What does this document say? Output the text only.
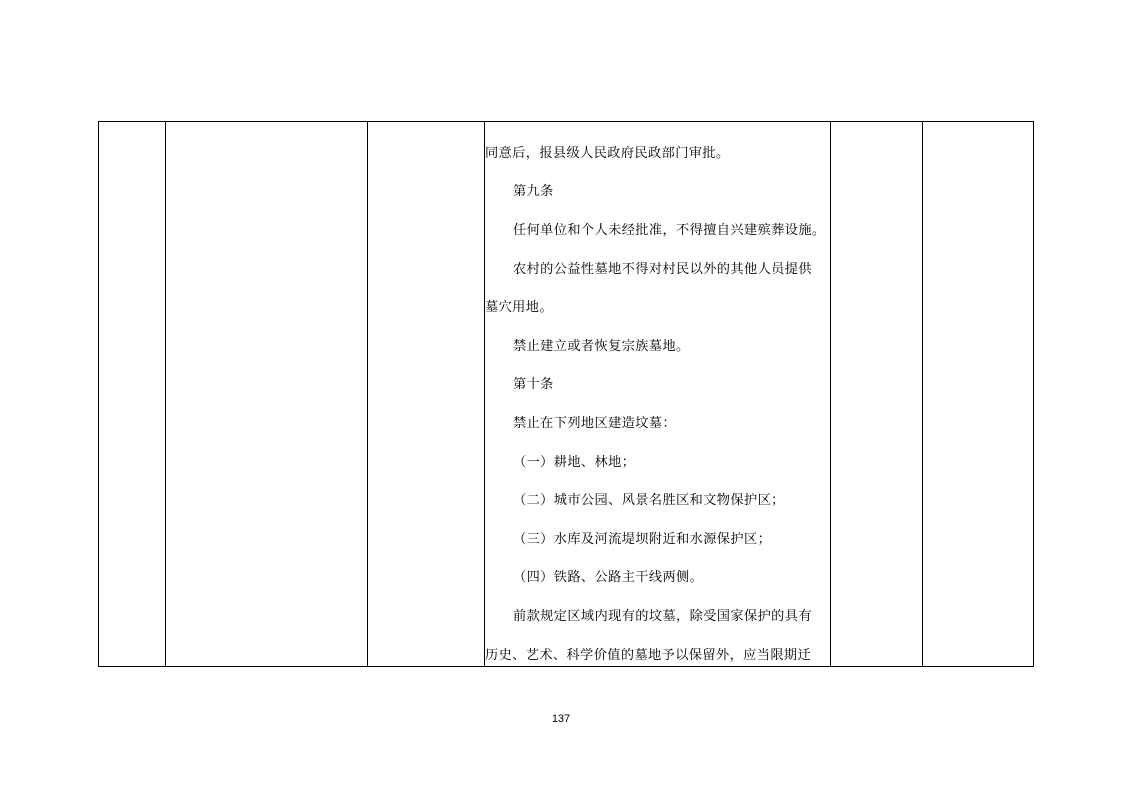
同意后，报县级人民政府民政部门审批。
第九条
任何单位和个人未经批准，不得擅自兴建殡葬设施。
农村的公益性墓地不得对村民以外的其他人员提供
墓穴用地。
禁止建立或者恢复宗族墓地。
第十条
禁止在下列地区建造坟墓：
（一）耕地、林地；
（二）城市公园、风景名胜区和文物保护区；
（三）水库及河流堤坝附近和水源保护区；
（四）铁路、公路主干线两侧。
前款规定区域内现有的坟墓，除受国家保护的具有
历史、艺术、科学价值的墓地予以保留外，应当限期迁

137
